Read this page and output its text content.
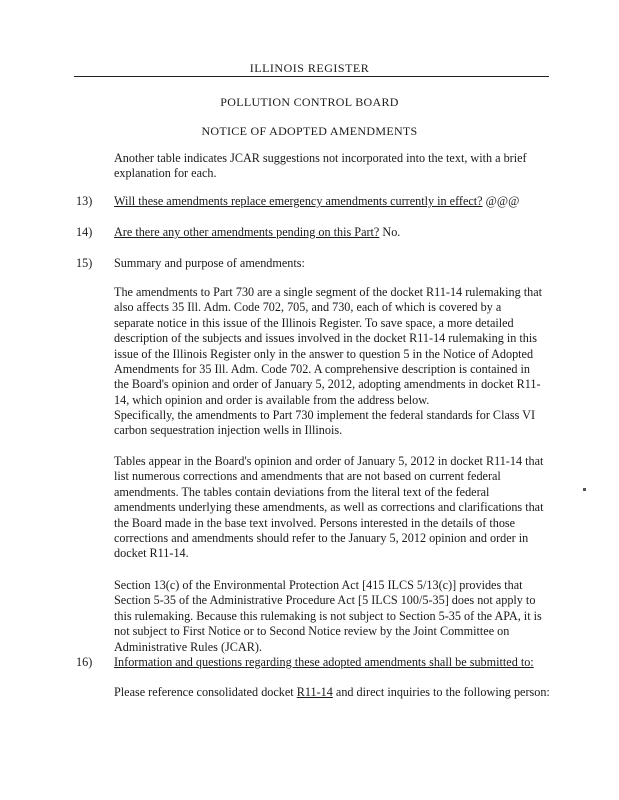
ILLINOIS REGISTER
POLLUTION CONTROL BOARD
NOTICE OF ADOPTED AMENDMENTS

Another table indicates JCAR suggestions not incorporated into the text, with a brief explanation for each.

13)	Will these amendments replace emergency amendments currently in effect? @@@
14)	Are there any other amendments pending on this Part? No.
15)	Summary and purpose of amendments:

The amendments to Part 730 are a single segment of the docket R11-14 rulemaking that also affects 35 Ill. Adm. Code 702, 705, and 730, each of which is covered by a separate notice in this issue of the Illinois Register. To save space, a more detailed description of the subjects and issues involved in the docket R11-14 rulemaking in this issue of the Illinois Register only in the answer to question 5 in the Notice of Adopted Amendments for 35 Ill. Adm. Code 702. A comprehensive description is contained in the Board's opinion and order of January 5, 2012, adopting amendments in docket R11-14, which opinion and order is available from the address below.

Specifically, the amendments to Part 730 implement the federal standards for Class VI carbon sequestration injection wells in Illinois.

Tables appear in the Board's opinion and order of January 5, 2012 in docket R11-14 that list numerous corrections and amendments that are not based on current federal amendments. The tables contain deviations from the literal text of the federal amendments underlying these amendments, as well as corrections and clarifications that the Board made in the base text involved. Persons interested in the details of those corrections and amendments should refer to the January 5, 2012 opinion and order in docket R11-14.

Section 13(c) of the Environmental Protection Act [415 ILCS 5/13(c)] provides that Section 5-35 of the Administrative Procedure Act [5 ILCS 100/5-35] does not apply to this rulemaking. Because this rulemaking is not subject to Section 5-35 of the APA, it is not subject to First Notice or to Second Notice review by the Joint Committee on Administrative Rules (JCAR).

16)	Information and questions regarding these adopted amendments shall be submitted to:

Please reference consolidated docket R11-14 and direct inquiries to the following person:
